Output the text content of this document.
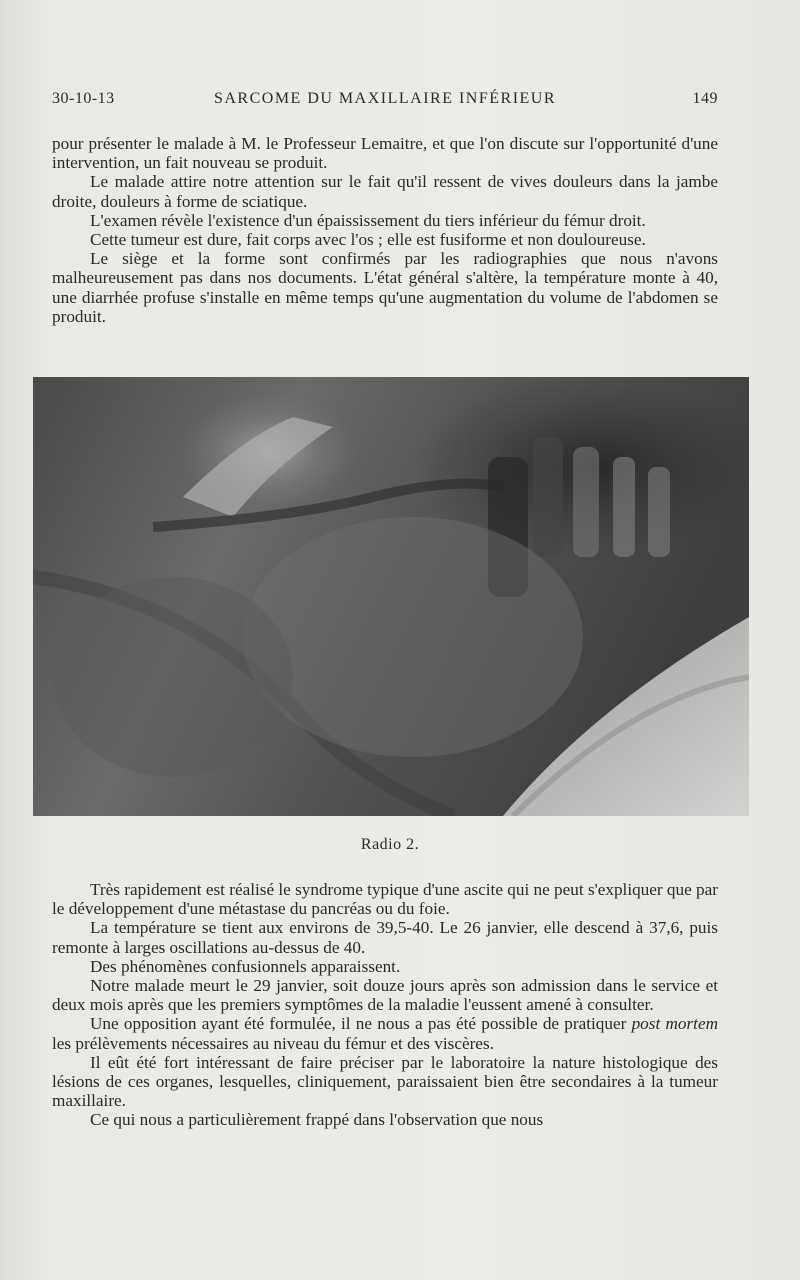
30-10-13	SARCOME DU MAXILLAIRE INFÉRIEUR	149

pour présenter le malade à M. le Professeur Lemaitre, et que l'on discute sur l'opportunité d'une intervention, un fait nouveau se produit.

Le malade attire notre attention sur le fait qu'il ressent de vives douleurs dans la jambe droite, douleurs à forme de sciatique.

L'examen révèle l'existence d'un épaississement du tiers inférieur du fémur droit.

Cette tumeur est dure, fait corps avec l'os ; elle est fusiforme et non douloureuse.

Le siège et la forme sont confirmés par les radiographies que nous n'avons malheureusement pas dans nos documents. L'état général s'altère, la température monte à 40, une diarrhée profuse s'installe en même temps qu'une augmentation du volume de l'abdomen se produit.

Radio 2.

Très rapidement est réalisé le syndrome typique d'une ascite qui ne peut s'expliquer que par le développement d'une métastase du pancréas ou du foie.

La température se tient aux environs de 39,5-40. Le 26 janvier, elle descend à 37,6, puis remonte à larges oscillations au-dessus de 40.

Des phénomènes confusionnels apparaissent.

Notre malade meurt le 29 janvier, soit douze jours après son admission dans le service et deux mois après que les premiers symptômes de la maladie l'eussent amené à consulter.

Une opposition ayant été formulée, il ne nous a pas été possible de pratiquer post mortem les prélèvements nécessaires au niveau du fémur et des viscères.

Il eût été fort intéressant de faire préciser par le laboratoire la nature histologique des lésions de ces organes, lesquelles, cliniquement, paraissaient bien être secondaires à la tumeur maxillaire.

Ce qui nous a particulièrement frappé dans l'observation que nous
